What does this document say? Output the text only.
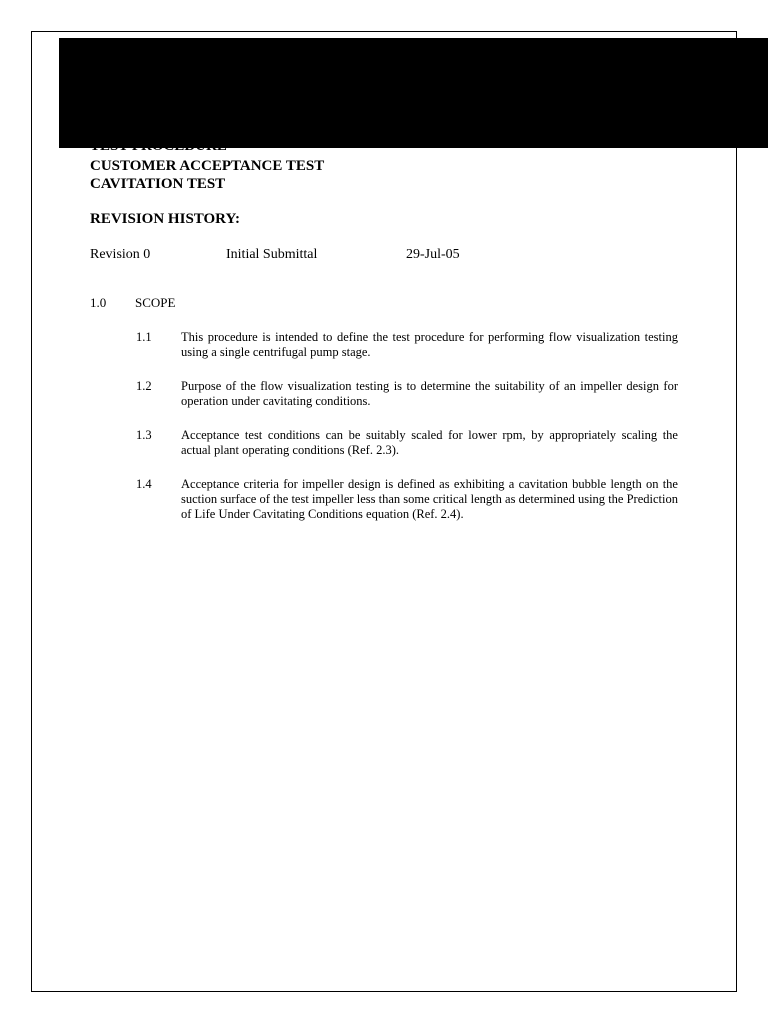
CUSTOMER ACCEPTANCE TEST
CAVITATION TEST
REVISION HISTORY:
Revision 0	Initial Submittal	29-Jul-05
1.0 SCOPE
1.1 This procedure is intended to define the test procedure for performing flow visualization testing using a single centrifugal pump stage.
1.2 Purpose of the flow visualization testing is to determine the suitability of an impeller design for operation under cavitating conditions.
1.3 Acceptance test conditions can be suitably scaled for lower rpm, by appropriately scaling the actual plant operating conditions (Ref. 2.3).
1.4 Acceptance criteria for impeller design is defined as exhibiting a cavitation bubble length on the suction surface of the test impeller less than some critical length as determined using the Prediction of Life Under Cavitating Conditions equation (Ref. 2.4).
